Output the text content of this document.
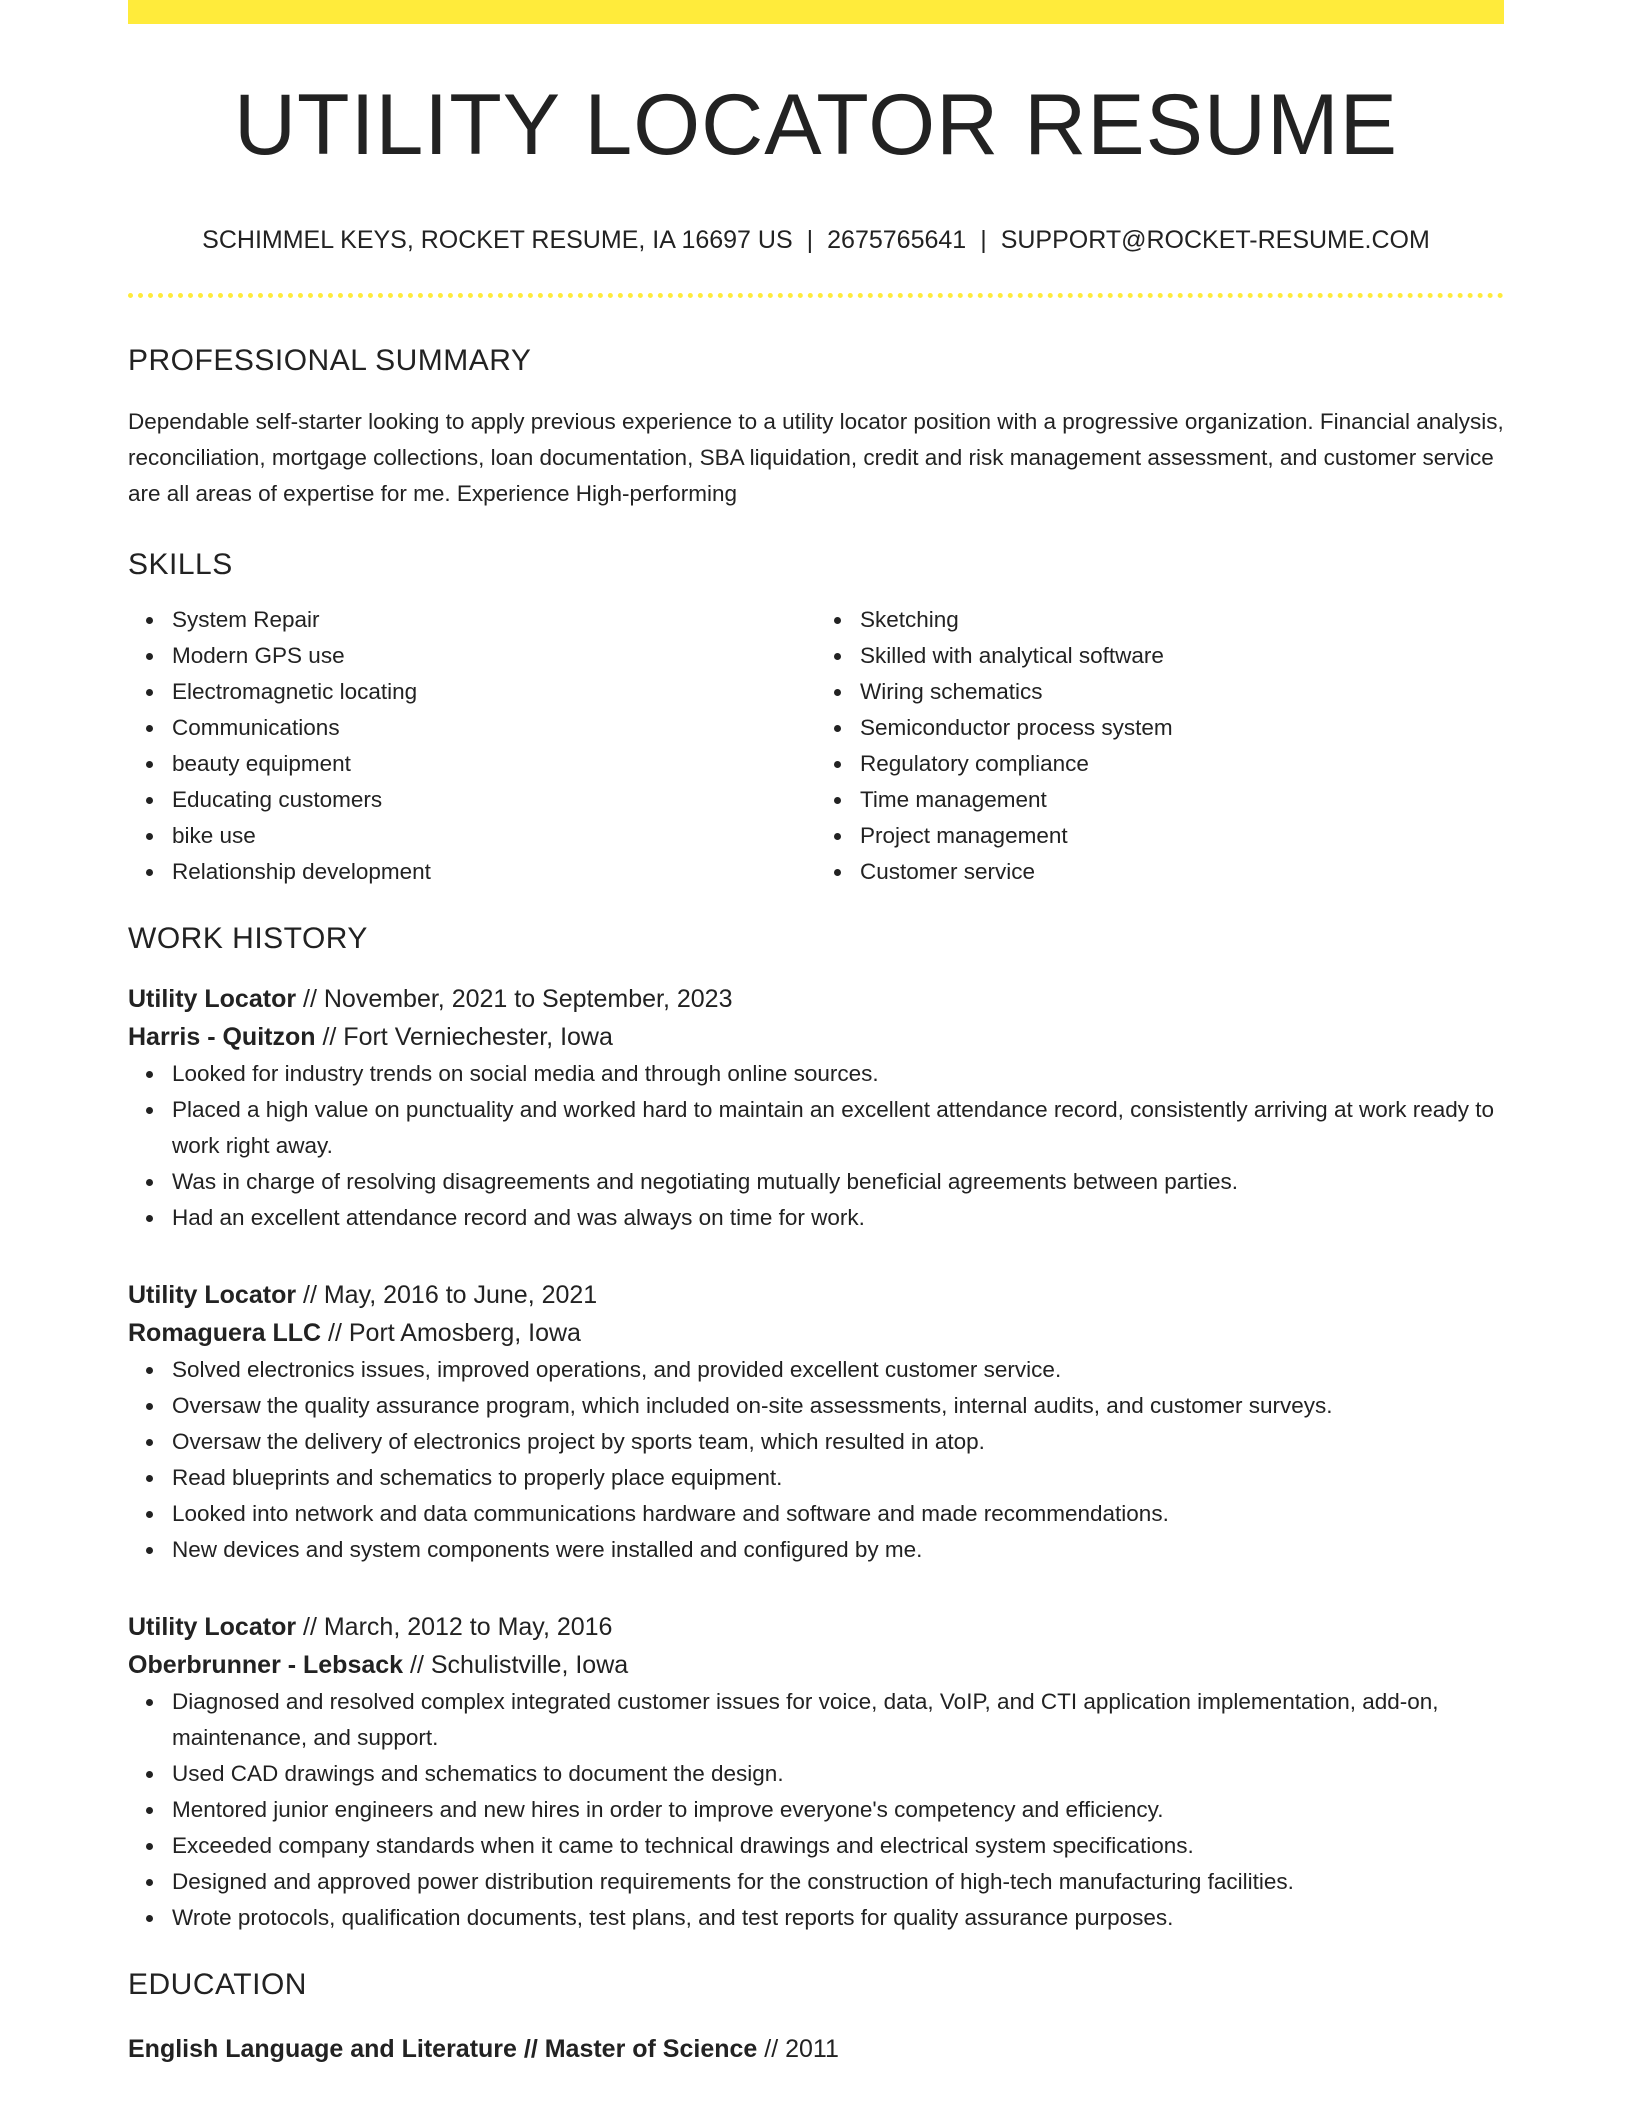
UTILITY LOCATOR RESUME
SCHIMMEL KEYS, ROCKET RESUME, IA 16697 US | 2675765641 | SUPPORT@ROCKET-RESUME.COM
PROFESSIONAL SUMMARY

Dependable self-starter looking to apply previous experience to a utility locator position with a progressive organization. Financial analysis, reconciliation, mortgage collections, loan documentation, SBA liquidation, credit and risk management assessment, and customer service are all areas of expertise for me. Experience High-performing

SKILLS
System Repair
Modern GPS use
Electromagnetic locating
Communications
beauty equipment
Educating customers
bike use
Relationship development
Sketching
Skilled with analytical software
Wiring schematics
Semiconductor process system
Regulatory compliance
Time management
Project management
Customer service
WORK HISTORY
Utility Locator // November, 2021 to September, 2023
Harris - Quitzon // Fort Verniechester, Iowa
Looked for industry trends on social media and through online sources.
Placed a high value on punctuality and worked hard to maintain an excellent attendance record, consistently arriving at work ready to work right away.
Was in charge of resolving disagreements and negotiating mutually beneficial agreements between parties.
Had an excellent attendance record and was always on time for work.
Utility Locator // May, 2016 to June, 2021
Romaguera LLC // Port Amosberg, Iowa
Solved electronics issues, improved operations, and provided excellent customer service.
Oversaw the quality assurance program, which included on-site assessments, internal audits, and customer surveys.
Oversaw the delivery of electronics project by sports team, which resulted in atop.
Read blueprints and schematics to properly place equipment.
Looked into network and data communications hardware and software and made recommendations.
New devices and system components were installed and configured by me.
Utility Locator // March, 2012 to May, 2016
Oberbrunner - Lebsack // Schulistville, Iowa
Diagnosed and resolved complex integrated customer issues for voice, data, VoIP, and CTI application implementation, add-on, maintenance, and support.
Used CAD drawings and schematics to document the design.
Mentored junior engineers and new hires in order to improve everyone's competency and efficiency.
Exceeded company standards when it came to technical drawings and electrical system specifications.
Designed and approved power distribution requirements for the construction of high-tech manufacturing facilities.
Wrote protocols, qualification documents, test plans, and test reports for quality assurance purposes.
EDUCATION
English Language and Literature // Master of Science // 2011
